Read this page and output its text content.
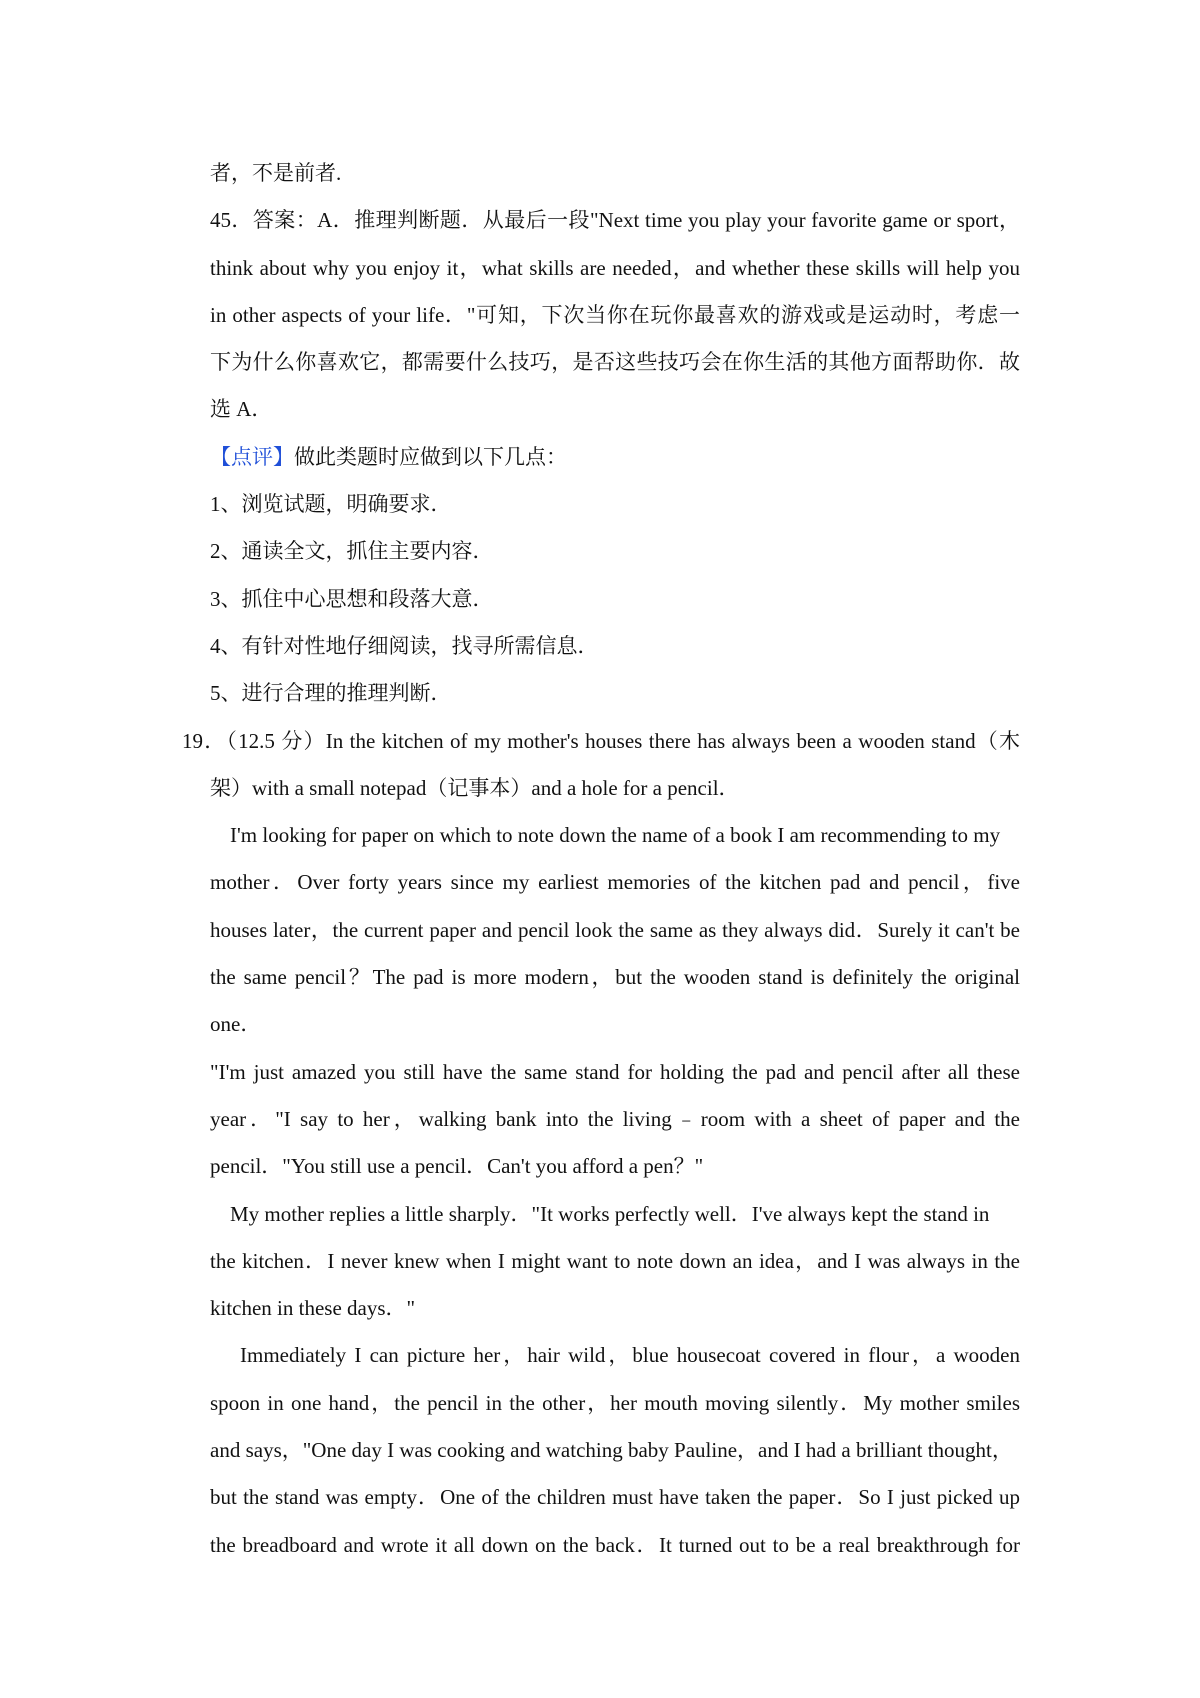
者，不是前者.
45．答案：A．推理判断题．从最后一段"Next time you play your favorite game or sport，
think about why you enjoy it，what skills are needed，and whether these skills will help you
in other aspects of your life．"可知，下次当你在玩你最喜欢的游戏或是运动时，考虑一
下为什么你喜欢它，都需要什么技巧，是否这些技巧会在你生活的其他方面帮助你．故
选 A．
【点评】做此类题时应做到以下几点：
1、浏览试题，明确要求．
2、通读全文，抓住主要内容．
3、抓住中心思想和段落大意．
4、有针对性地仔细阅读，找寻所需信息．
5、进行合理的推理判断．
19．（12.5 分）In the kitchen of my mother's houses there has always been a wooden stand（木
架）with a small notepad（记事本）and a hole for a pencil．
I'm looking for paper on which to note down the name of a book I am recommending to my
mother．Over forty years since my earliest memories of the kitchen pad and pencil，five
houses later，the current paper and pencil look the same as they always did．Surely it can't be
the same pencil？The pad is more modern，but the wooden stand is definitely the original
one．
"I'm just amazed you still have the same stand for holding the pad and pencil after all these
year．"I say to her，walking bank into the living﹣room with a sheet of paper and the
pencil．"You still use a pencil．Can't you afford a pen？"
My mother replies a little sharply．"It works perfectly well．I've always kept the stand in
the kitchen．I never knew when I might want to note down an idea，and I was always in the
kitchen in these days．"
Immediately I can picture her，hair wild，blue housecoat covered in flour，a wooden
spoon in one hand，the pencil in the other，her mouth moving silently．My mother smiles
and says，"One day I was cooking and watching baby Pauline，and I had a brilliant thought，
but the stand was empty．One of the children must have taken the paper．So I just picked up
the breadboard and wrote it all down on the back．It turned out to be a real breakthrough for
